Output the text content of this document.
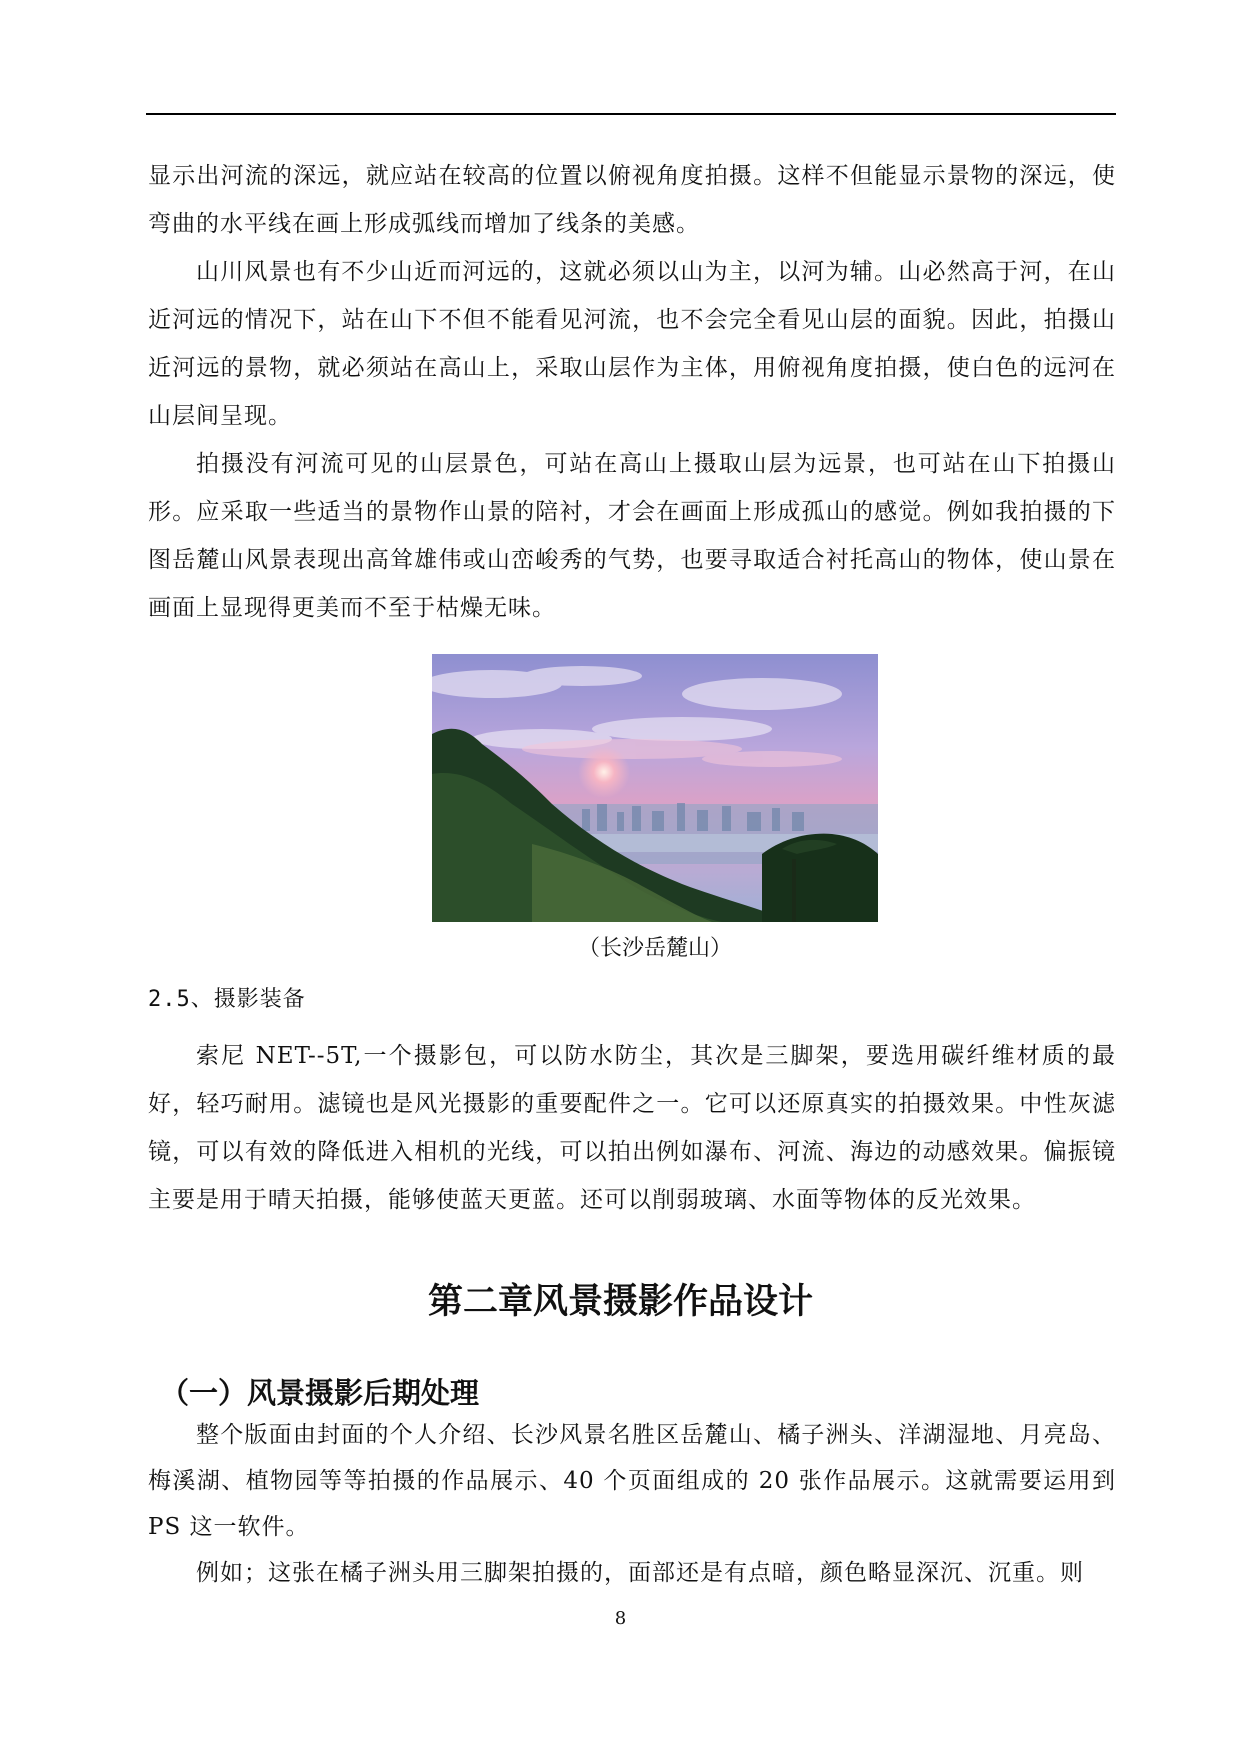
显示出河流的深远，就应站在较高的位置以俯视角度拍摄。这样不但能显示景物的深远，使弯曲的水平线在画上形成弧线而增加了线条的美感。

山川风景也有不少山近而河远的，这就必须以山为主，以河为辅。山必然高于河，在山近河远的情况下，站在山下不但不能看见河流，也不会完全看见山层的面貌。因此，拍摄山近河远的景物，就必须站在高山上，采取山层作为主体，用俯视角度拍摄，使白色的远河在山层间呈现。

拍摄没有河流可见的山层景色，可站在高山上摄取山层为远景，也可站在山下拍摄山形。应采取一些适当的景物作山景的陪衬，才会在画面上形成孤山的感觉。例如我拍摄的下图岳麓山风景表现出高耸雄伟或山峦峻秀的气势，也要寻取适合衬托高山的物体，使山景在画面上显现得更美而不至于枯燥无味。

（长沙岳麓山）
2.5、摄影装备

索尼 NET--5T,一个摄影包，可以防水防尘，其次是三脚架，要选用碳纤维材质的最好，轻巧耐用。滤镜也是风光摄影的重要配件之一。它可以还原真实的拍摄效果。中性灰滤镜，可以有效的降低进入相机的光线，可以拍出例如瀑布、河流、海边的动感效果。偏振镜主要是用于晴天拍摄，能够使蓝天更蓝。还可以削弱玻璃、水面等物体的反光效果。

第二章风景摄影作品设计
（一）风景摄影后期处理

整个版面由封面的个人介绍、长沙风景名胜区岳麓山、橘子洲头、洋湖湿地、月亮岛、梅溪湖、植物园等等拍摄的作品展示、40 个页面组成的 20 张作品展示。这就需要运用到 PS 这一软件。

例如；这张在橘子洲头用三脚架拍摄的，面部还是有点暗，颜色略显深沉、沉重。则

8
